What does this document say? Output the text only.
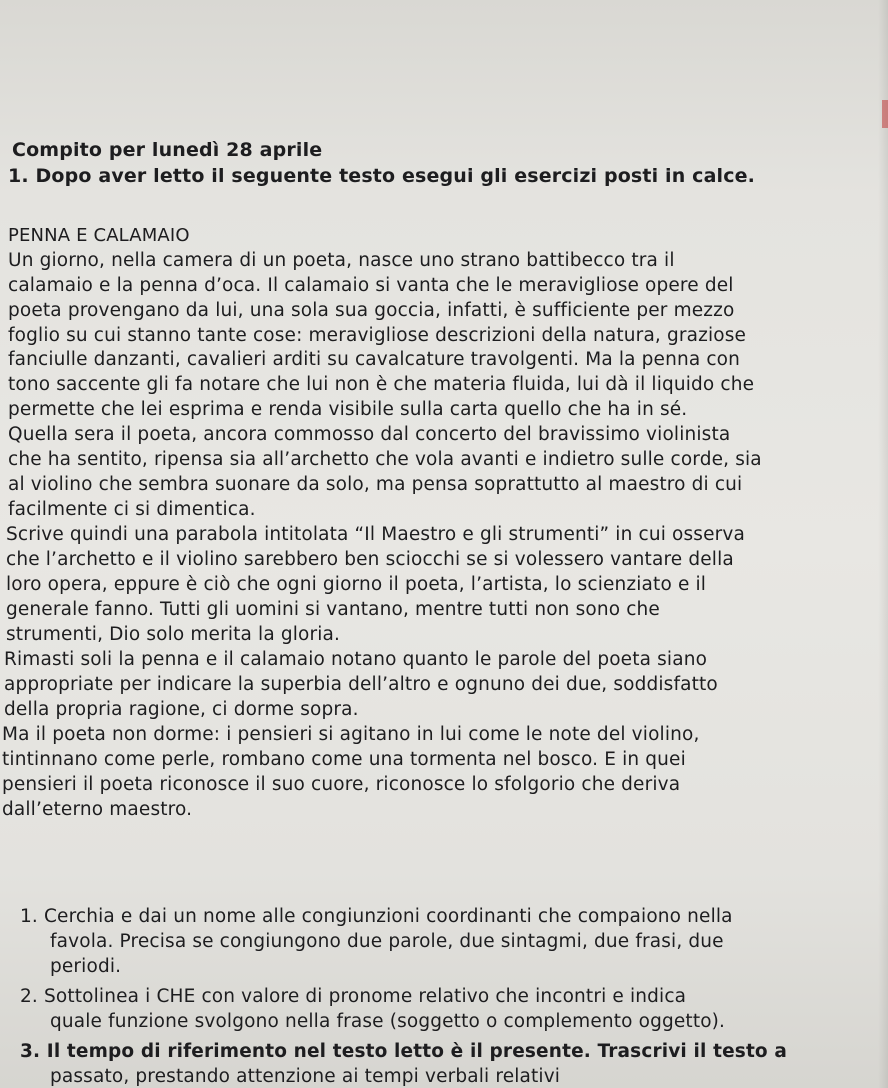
Compito per lunedì 28 aprile

1. Dopo aver letto il seguente testo esegui gli esercizi posti in calce.

PENNA E CALAMAIO

Un giorno, nella camera di un poeta, nasce uno strano battibecco tra il

calamaio e la penna d’oca. Il calamaio si vanta che le meravigliose opere del

poeta provengano da lui, una sola sua goccia, infatti, è sufficiente per mezzo

foglio su cui stanno tante cose: meravigliose descrizioni della natura, graziose

fanciulle danzanti, cavalieri arditi su cavalcature travolgenti. Ma la penna con

tono saccente gli fa notare che lui non è che materia fluida, lui dà il liquido che

permette che lei esprima e renda visibile sulla carta quello che ha in sé.

Quella sera il poeta, ancora commosso dal concerto del bravissimo violinista

che ha sentito, ripensa sia all’archetto che vola avanti e indietro sulle corde, sia

al violino che sembra suonare da solo, ma pensa soprattutto al maestro di cui

facilmente ci si dimentica.

Scrive quindi una parabola intitolata “Il Maestro e gli strumenti” in cui osserva

che l’archetto e il violino sarebbero ben sciocchi se si volessero vantare della

loro opera, eppure è ciò che ogni giorno il poeta, l’artista, lo scienziato e il

generale fanno. Tutti gli uomini si vantano, mentre tutti non sono che

strumenti, Dio solo merita la gloria.

Rimasti soli la penna e il calamaio notano quanto le parole del poeta siano

appropriate per indicare la superbia dell’altro e ognuno dei due, soddisfatto

della propria ragione, ci dorme sopra.

Ma il poeta non dorme: i pensieri si agitano in lui come le note del violino,

tintinnano come perle, rombano come una tormenta nel bosco. E in quei

pensieri il poeta riconosce il suo cuore, riconosce lo sfolgorio che deriva

dall’eterno maestro.

1. Cerchia e dai un nome alle congiunzioni coordinanti che compaiono nella

favola. Precisa se congiungono due parole, due sintagmi, due frasi, due

periodi.

2. Sottolinea i CHE con valore di pronome relativo che incontri e indica

quale funzione svolgono nella frase (soggetto o complemento oggetto).

3. Il tempo di riferimento nel testo letto è il presente. Trascrivi il testo a

passato, prestando attenzione ai tempi verbali relativi
